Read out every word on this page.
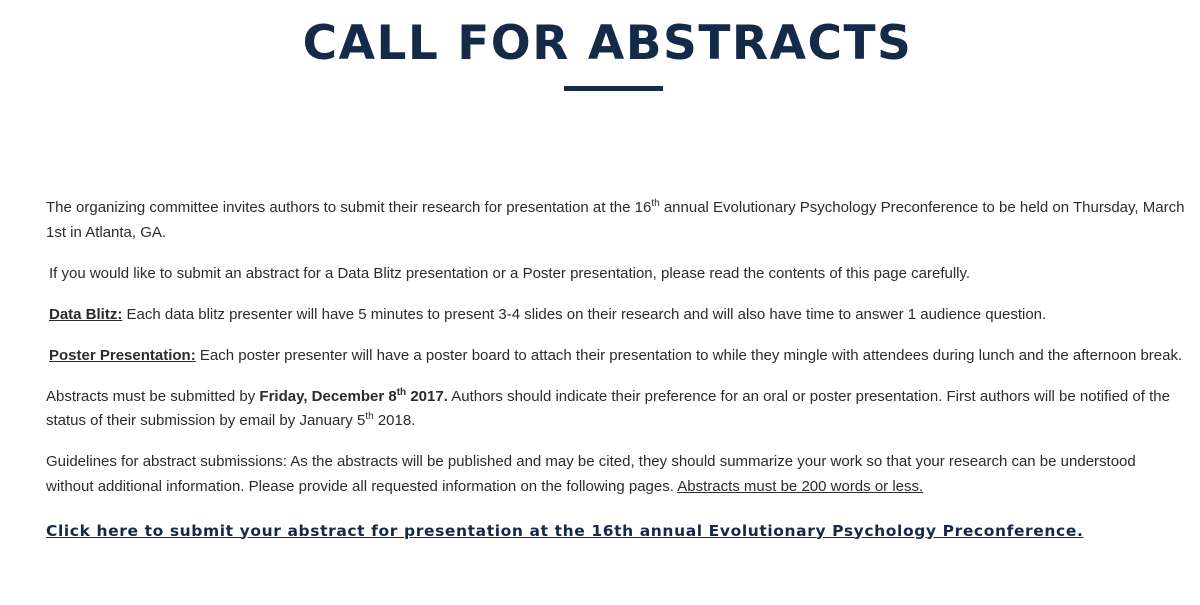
CALL FOR ABSTRACTS

The organizing committee invites authors to submit their research for presentation at the 16th annual Evolutionary Psychology Preconference to be held on Thursday, March 1st in Atlanta, GA.

If you would like to submit an abstract for a Data Blitz presentation or a Poster presentation, please read the contents of this page carefully.

Data Blitz: Each data blitz presenter will have 5 minutes to present 3-4 slides on their research and will also have time to answer 1 audience question.

Poster Presentation: Each poster presenter will have a poster board to attach their presentation to while they mingle with attendees during lunch and the afternoon break.

Abstracts must be submitted by Friday, December 8th 2017. Authors should indicate their preference for an oral or poster presentation. First authors will be notified of the status of their submission by email by January 5th 2018.

Guidelines for abstract submissions: As the abstracts will be published and may be cited, they should summarize your work so that your research can be understood without additional information. Please provide all requested information on the following pages. Abstracts must be 200 words or less.

Click here to submit your abstract for presentation at the 16th annual Evolutionary Psychology Preconference.
